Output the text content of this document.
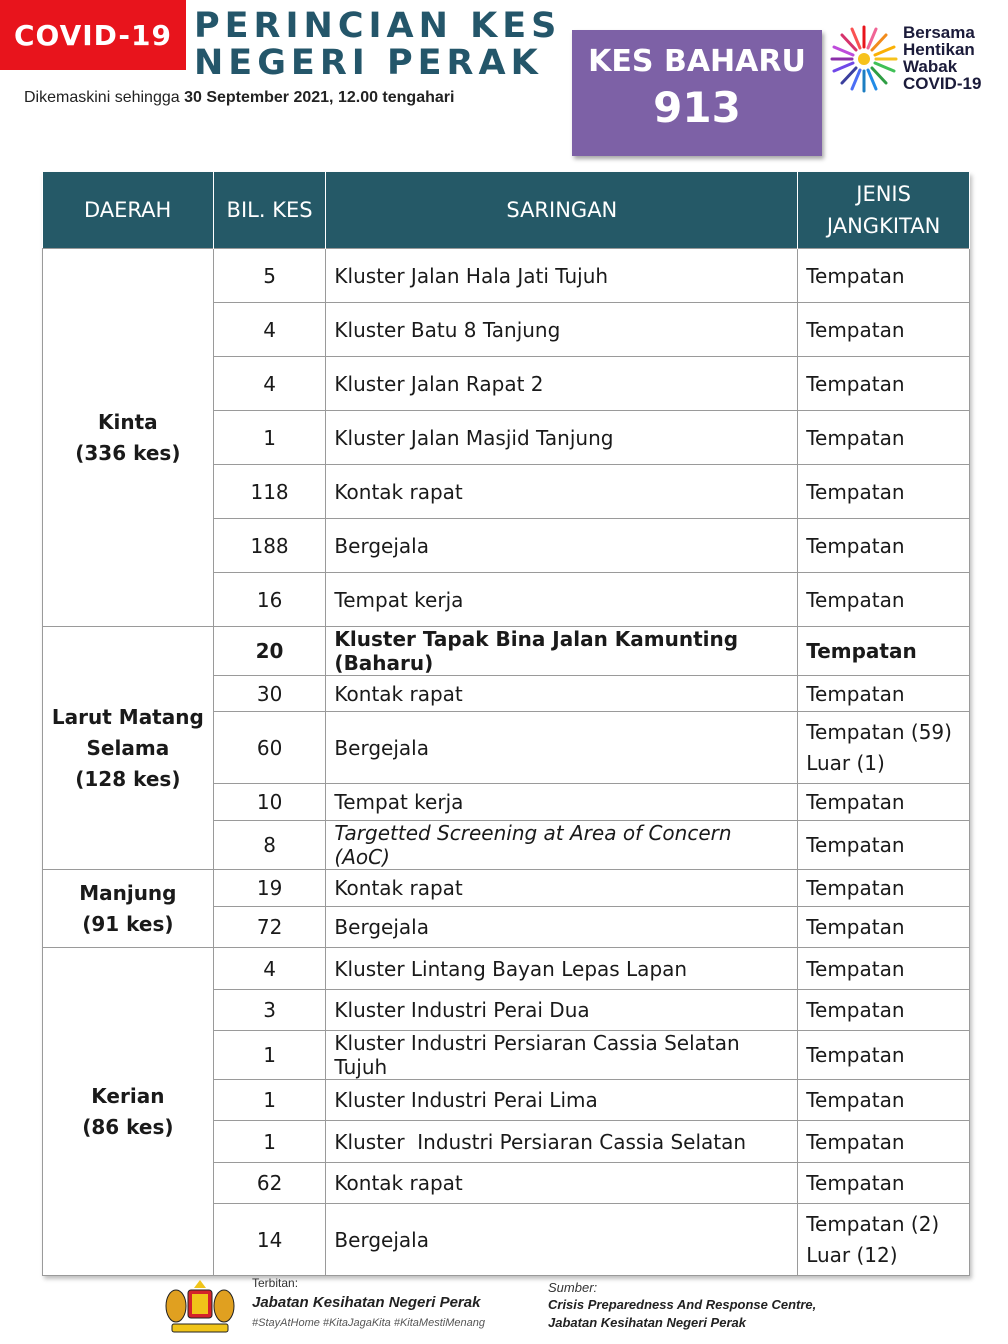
COVID-19 PERINCIAN KES
NEGERI PERAK
Dikemaskini sehingga 30 September 2021, 12.00 tengahari
KES BAHARU
913
Bersama
Hentikan
Wabak
COVID-19
DAERAH	BIL. KES	SARINGAN	JENIS
JANGKITAN

Kinta
(336 kes)	5	Kluster Jalan Hala Jati Tujuh	Tempatan
	4	Kluster Batu 8 Tanjung	Tempatan
	4	Kluster Jalan Rapat 2	Tempatan
	1	Kluster Jalan Masjid Tanjung	Tempatan
	118	Kontak rapat	Tempatan
	188	Bergejala	Tempatan
	16	Tempat kerja	Tempatan

Larut Matang
Selama
(128 kes)	20	Kluster Tapak Bina Jalan Kamunting (Baharu)	Tempatan
	30	Kontak rapat	Tempatan
	60	Bergejala	Tempatan (59)
Luar (1)

	10	Tempat kerja	Tempatan
	8	Targetted Screening at Area of Concern (AoC)	Tempatan

Manjung
(91 kes)	19	Kontak rapat	Tempatan
	72	Bergejala	Tempatan

Kerian
(86 kes)	4	Kluster Lintang Bayan Lepas Lapan	Tempatan
	3	Kluster Industri Perai Dua	Tempatan
	1	Kluster Industri Persiaran Cassia Selatan Tujuh	Tempatan
	1	Kluster Industri Perai Lima	Tempatan
	1	Kluster  Industri Persiaran Cassia Selatan	Tempatan
	62	Kontak rapat	Tempatan
	14	Bergejala	Tempatan (2)
Luar (12)
Terbitan:
Jabatan Kesihatan Negeri Perak
#StayAtHome #KitaJagaKita #KitaMestiMenang
Sumber:
Crisis Preparedness And Response Centre,
Jabatan Kesihatan Negeri Perak
